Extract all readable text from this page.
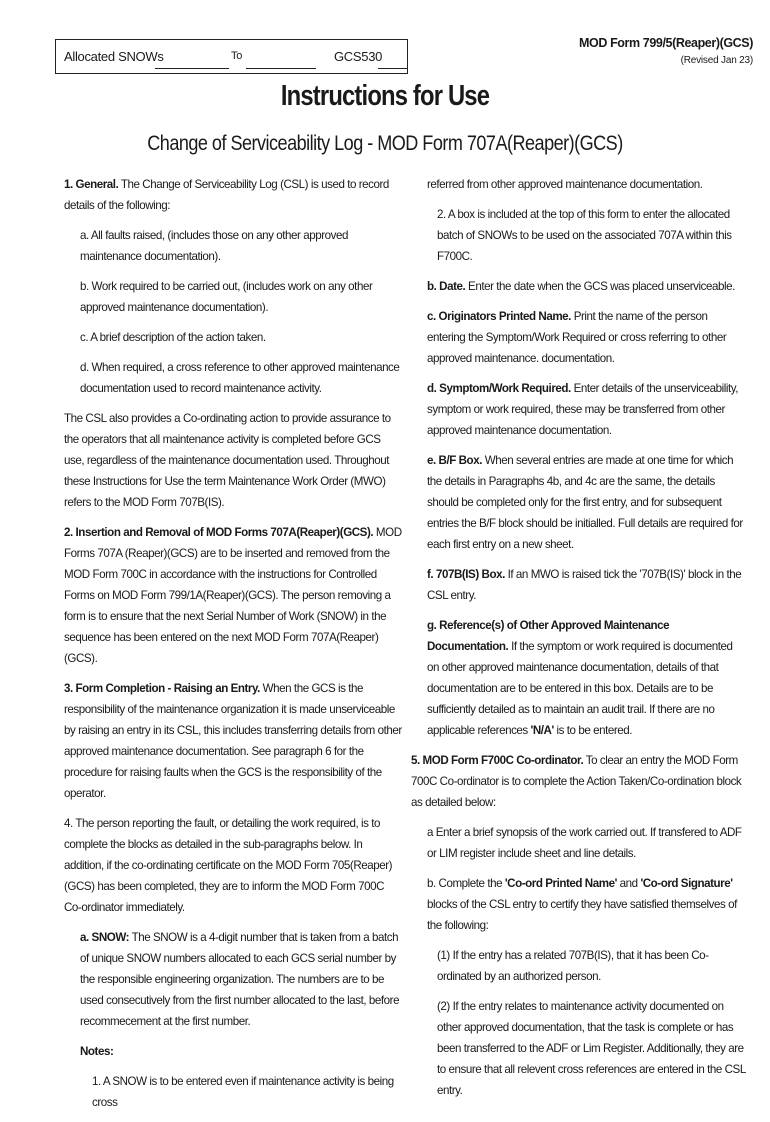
Allocated SNOWs	To	GCS530
MOD Form 799/5(Reaper)(GCS)
(Revised Jan 23)
Instructions for Use
Change of Serviceability Log - MOD Form 707A(Reaper)(GCS)

1. General. The Change of Serviceability Log (CSL) is used to record details of the following:

a. All faults raised, (includes those on any other approved maintenance documentation).

b. Work required to be carried out, (includes work on any other approved maintenance documentation).

c. A brief description of the action taken.

d. When required, a cross reference to other approved maintenance documentation used to record maintenance activity.

The CSL also provides a Co-ordinating action to provide assurance to the operators that all maintenance activity is completed before GCS use, regardless of the maintenance documentation used. Throughout these Instructions for Use the term Maintenance Work Order (MWO) refers to the MOD Form 707B(IS).

2. Insertion and Removal of MOD Forms 707A(Reaper)(GCS). MOD Forms 707A (Reaper)(GCS) are to be inserted and removed from the MOD Form 700C in accordance with the instructions for Controlled Forms on MOD Form 799/1A(Reaper)(GCS). The person removing a form is to ensure that the next Serial Number of Work (SNOW) in the sequence has been entered on the next MOD Form 707A(Reaper)(GCS).

3. Form Completion - Raising an Entry. When the GCS is the responsibility of the maintenance organization it is made unserviceable by raising an entry in its CSL, this includes transferring details from other approved maintenance documentation. See paragraph 6 for the procedure for raising faults when the GCS is the responsibility of the operator.

4. The person reporting the fault, or detailing the work required, is to complete the blocks as detailed in the sub-paragraphs below. In addition, if the co-ordinating certificate on the MOD Form 705(Reaper)(GCS) has been completed, they are to inform the MOD Form 700C Co-ordinator immediately.

a. SNOW: The SNOW is a 4-digit number that is taken from a batch of unique SNOW numbers allocated to each GCS serial number by the responsible engineering organization. The numbers are to be used consecutively from the first number allocated to the last, before recommecement at the first number.

Notes:

1. A SNOW is to be entered even if maintenance activity is being cross

referred from other approved maintenance documentation.

2. A box is included at the top of this form to enter the allocated batch of SNOWs to be used on the associated 707A within this F700C.

b. Date. Enter the date when the GCS was placed unserviceable.

c. Originators Printed Name. Print the name of the person entering the Symptom/Work Required or cross referring to other approved maintenance. documentation.

d. Symptom/Work Required. Enter details of the unserviceability, symptom or work required, these may be transferred from other approved maintenance documentation.

e. B/F Box. When several entries are made at one time for which the details in Paragraphs 4b, and 4c are the same, the details should be completed only for the first entry, and for subsequent entries the B/F block should be initialled. Full details are required for each first entry on a new sheet.

f. 707B(IS) Box. If an MWO is raised tick the '707B(IS)' block in the CSL entry.

g. Reference(s) of Other Approved Maintenance Documentation. If the symptom or work required is documented on other approved maintenance documentation, details of that documentation are to be entered in this box. Details are to be sufficiently detailed as to maintain an audit trail. If there are no applicable references 'N/A' is to be entered.

5. MOD Form F700C Co-ordinator. To clear an entry the MOD Form 700C Co-ordinator is to complete the Action Taken/Co-ordination block as detailed below:

a Enter a brief synopsis of the work carried out. If transfered to ADF or LIM register include sheet and line details.

b. Complete the 'Co-ord Printed Name' and 'Co-ord Signature' blocks of the CSL entry to certify they have satisfied themselves of the following:

(1) If the entry has a related 707B(IS), that it has been Co-ordinated by an authorized person.

(2) If the entry relates to maintenance activity documented on other approved documentation, that the task is complete or has been transferred to the ADF or Lim Register. Additionally, they are to ensure that all relevent cross references are entered in the CSL entry.
